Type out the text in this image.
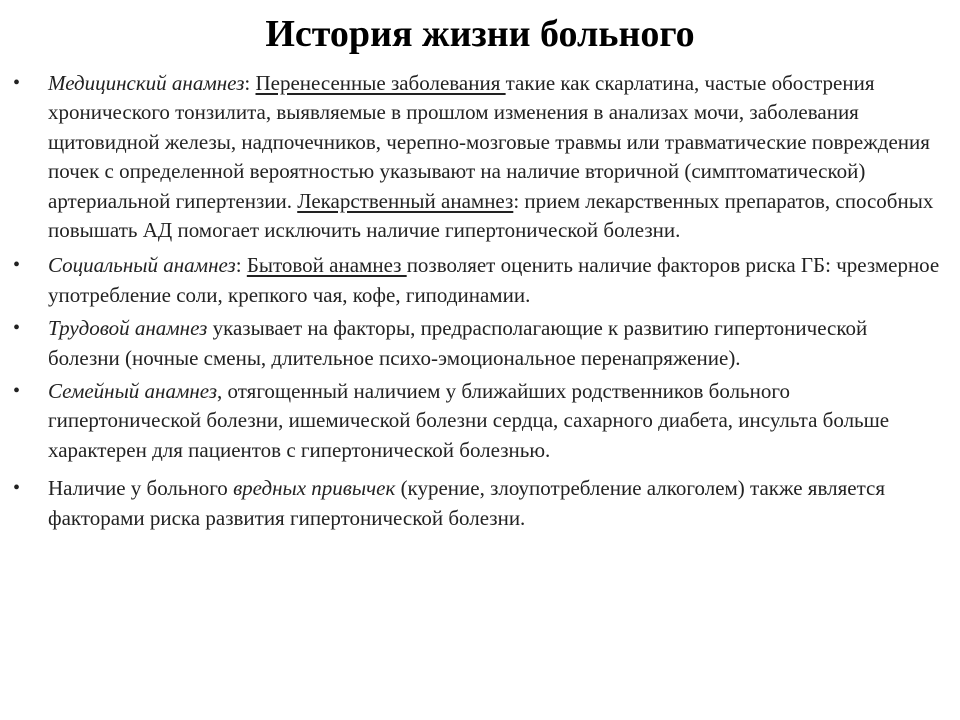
История жизни больного
• Медицинский анамнез: Перенесенные заболевания такие как скарлатина, частые обострения хронического тонзилита, выявляемые в прошлом изменения в анализах мочи, заболевания щитовидной железы, надпочечников, черепно-мозговые травмы или травматические повреждения почек с определенной вероятностью указывают на наличие вторичной (симптоматической) артериальной гипертензии. Лекарственный анамнез: прием лекарственных препаратов, способных повышать АД помогает исключить наличие гипертонической болезни.
• Социальный анамнез: Бытовой анамнез позволяет оценить наличие факторов риска ГБ: чрезмерное употребление соли, крепкого чая, кофе, гиподинамии.
• Трудовой анамнез указывает на факторы, предрасполагающие к развитию гипертонической болезни (ночные смены, длительное психо-эмоциональное перенапряжение).
• Семейный анамнез, отягощенный наличием у ближайших родственников больного гипертонической болезни, ишемической болезни сердца, сахарного диабета, инсульта больше характерен для пациентов с гипертонической болезнью.
• Наличие у больного вредных привычек (курение, злоупотребление алкоголем) также является факторами риска развития гипертонической болезни.
